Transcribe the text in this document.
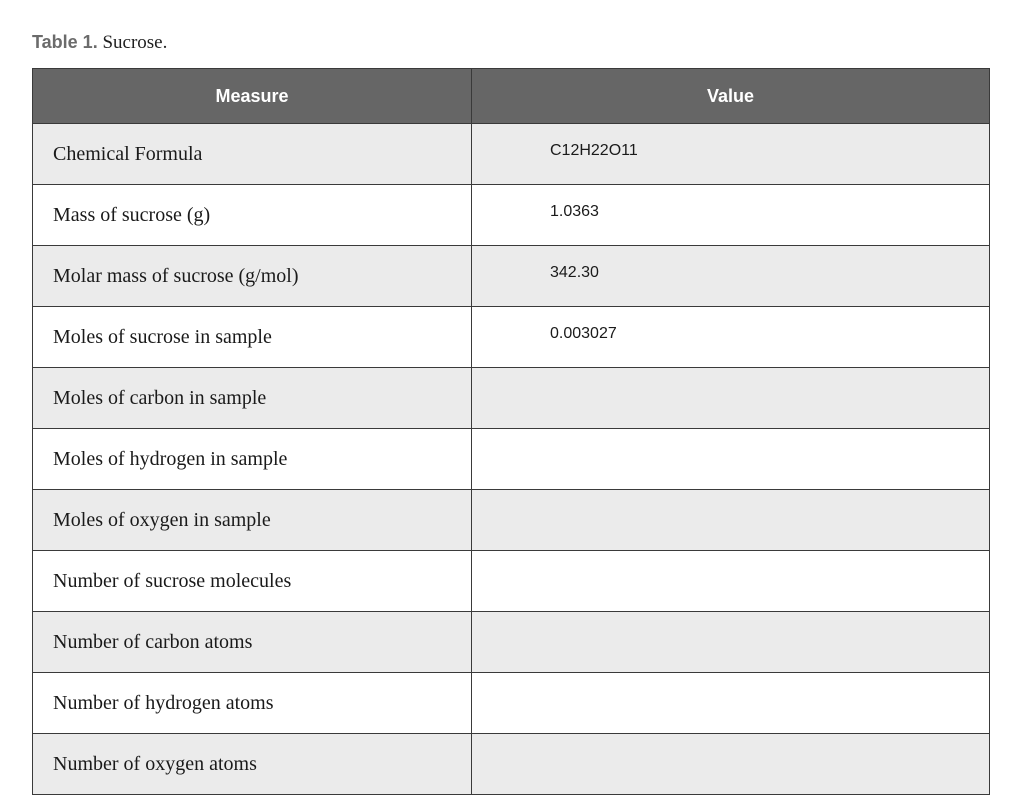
Table 1. Sucrose.
Measure	Value
Chemical Formula	C12H22O11
Mass of sucrose (g)	1.0363
Molar mass of sucrose (g/mol)	342.30
Moles of sucrose in sample	0.003027
Moles of carbon in sample	
Moles of hydrogen in sample	
Moles of oxygen in sample	
Number of sucrose molecules	
Number of carbon atoms	
Number of hydrogen atoms	
Number of oxygen atoms	
